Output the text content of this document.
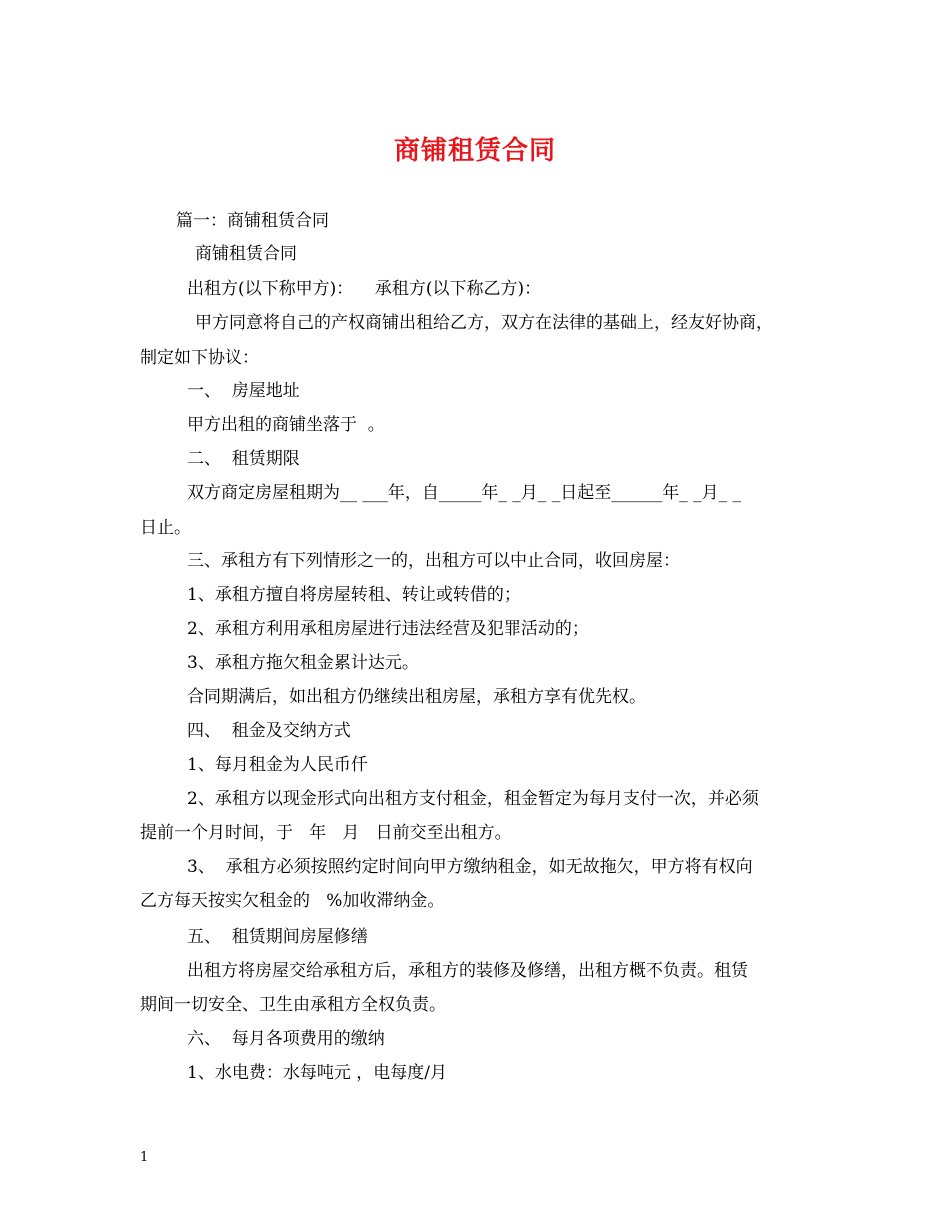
商铺租赁合同

篇一：商铺租赁合同

商铺租赁合同

出租方(以下称甲方)：    承租方(以下称乙方)：

甲方同意将自己的产权商铺出租给乙方，双方在法律的基础上，经友好协商，

制定如下协议：

一、  房屋地址

甲方出租的商铺坐落于  。

二、  租赁期限

双方商定房屋租期为__ ___年，自_____年_ _月_ _日起至______年_ _月_ _

日止。

三、承租方有下列情形之一的，出租方可以中止合同，收回房屋：

1、承租方擅自将房屋转租、转让或转借的；

2、承租方利用承租房屋进行违法经营及犯罪活动的；

3、承租方拖欠租金累计达元。

合同期满后，如出租方仍继续出租房屋，承租方享有优先权。

四、  租金及交纳方式

1、每月租金为人民币仟

2、承租方以现金形式向出租方支付租金，租金暂定为每月支付一次，并必须

提前一个月时间，于   年   月   日前交至出租方。

3、  承租方必须按照约定时间向甲方缴纳租金，如无故拖欠，甲方将有权向

乙方每天按实欠租金的   %加收滞纳金。

五、  租赁期间房屋修缮

出租方将房屋交给承租方后，承租方的装修及修缮，出租方概不负责。租赁

期间一切安全、卫生由承租方全权负责。

六、  每月各项费用的缴纳

1、水电费：水每吨元 ，电每度/月

1
